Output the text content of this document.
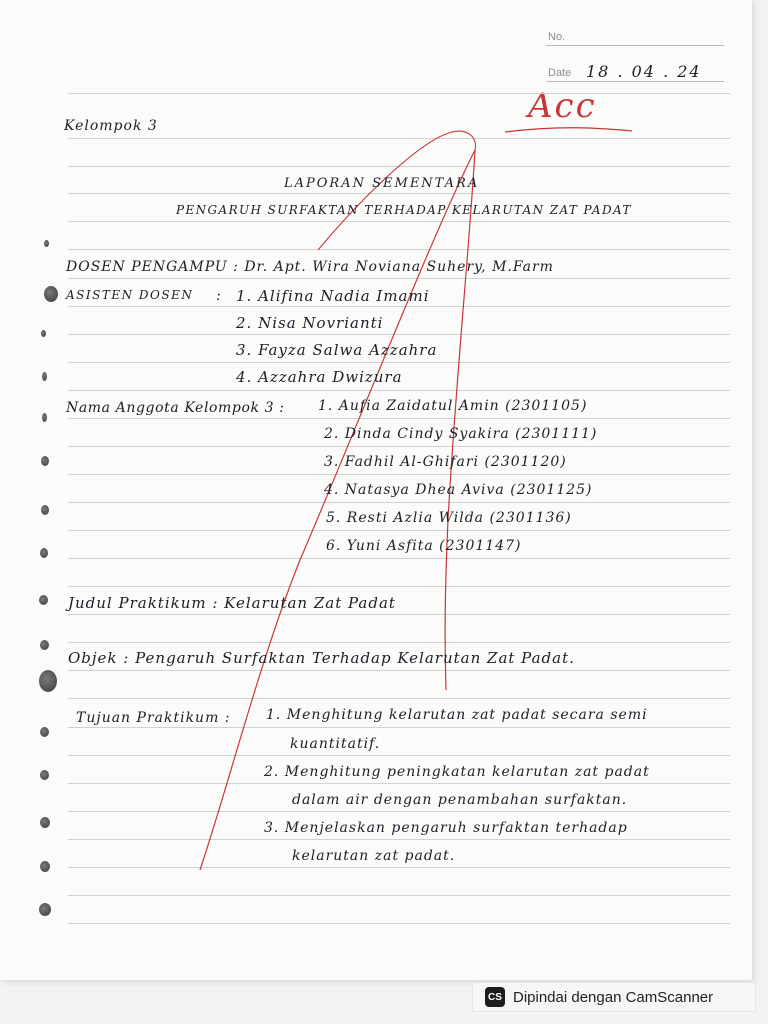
No.
Date 18 . 04 . 24
Acc
Kelompok 3
LAPORAN SEMENTARA
PENGARUH SURFAKTAN TERHADAP KELARUTAN ZAT PADAT
DOSEN PENGAMPU : Dr. Apt. Wira Noviana Suhery, M.Farm
ASISTEN DOSEN : 1. Alifina Nadia Imami
2. Nisa Novrianti
3. Fayza Salwa Azzahra
4. Azzahra Dwizura
Nama Anggota Kelompok 3 : 1. Aufia Zaidatul Amin (2301105)
2. Dinda Cindy Syakira (2301111)
3. Fadhil Al-Ghifari (2301120)
4. Natasya Dhea Aviva (2301125)
5. Resti Azlia Wilda (2301136)
6. Yuni Asfita (2301147)
Judul Praktikum : Kelarutan Zat Padat
Objek : Pengaruh Surfaktan Terhadap Kelarutan Zat Padat.
Tujuan Praktikum :	1. Menghitung kelarutan zat padat secara semi
kuantitatif.
2. Menghitung peningkatan kelarutan zat padat
dalam air dengan penambahan surfaktan.
3. Menjelaskan pengaruh surfaktan terhadap
kelarutan zat padat.
CS Dipindai dengan CamScanner
